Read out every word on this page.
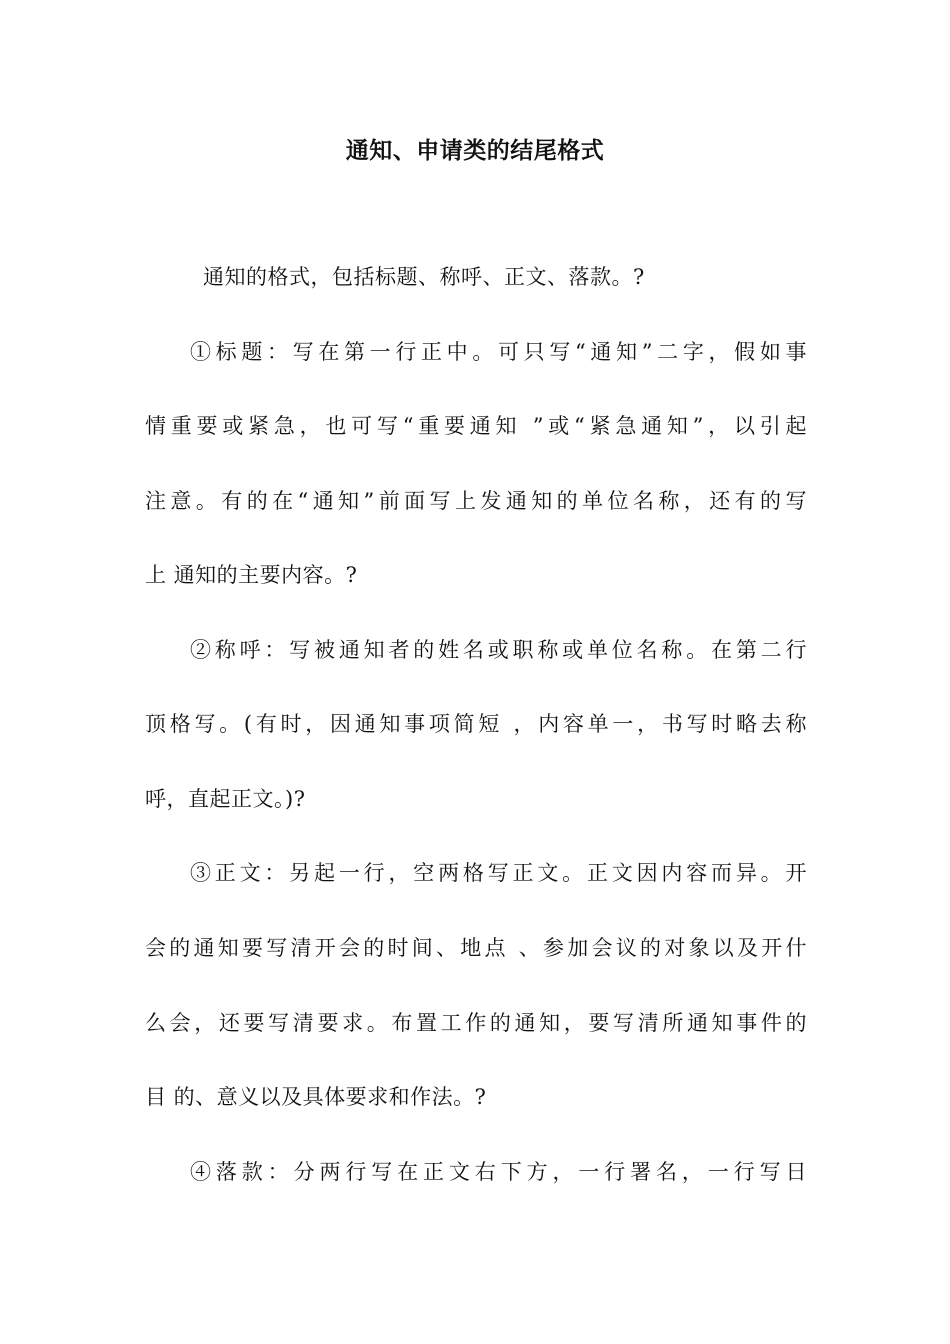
通知、申请类的结尾格式
通知的格式，包括标题、称呼、正文、落款。?
①标题：写在第一行正中。可只写“通知”二字，假如事
情重要或紧急，也可写“重要通知 ”或“紧急通知”，以引起
注意。有的在“通知”前面写上发通知的单位名称，还有的写
上 通知的主要内容。?
②称呼：写被通知者的姓名或职称或单位名称。在第二行
顶格写。(有时，因通知事项简短 ，内容单一，书写时略去称
呼，直起正文。)?
③正文：另起一行，空两格写正文。正文因内容而异。开
会的通知要写清开会的时间、地点 、参加会议的对象以及开什
么会，还要写清要求。布置工作的通知，要写清所通知事件的
目 的、意义以及具体要求和作法。?
④落款：分两行写在正文右下方，一行署名，一行写日
